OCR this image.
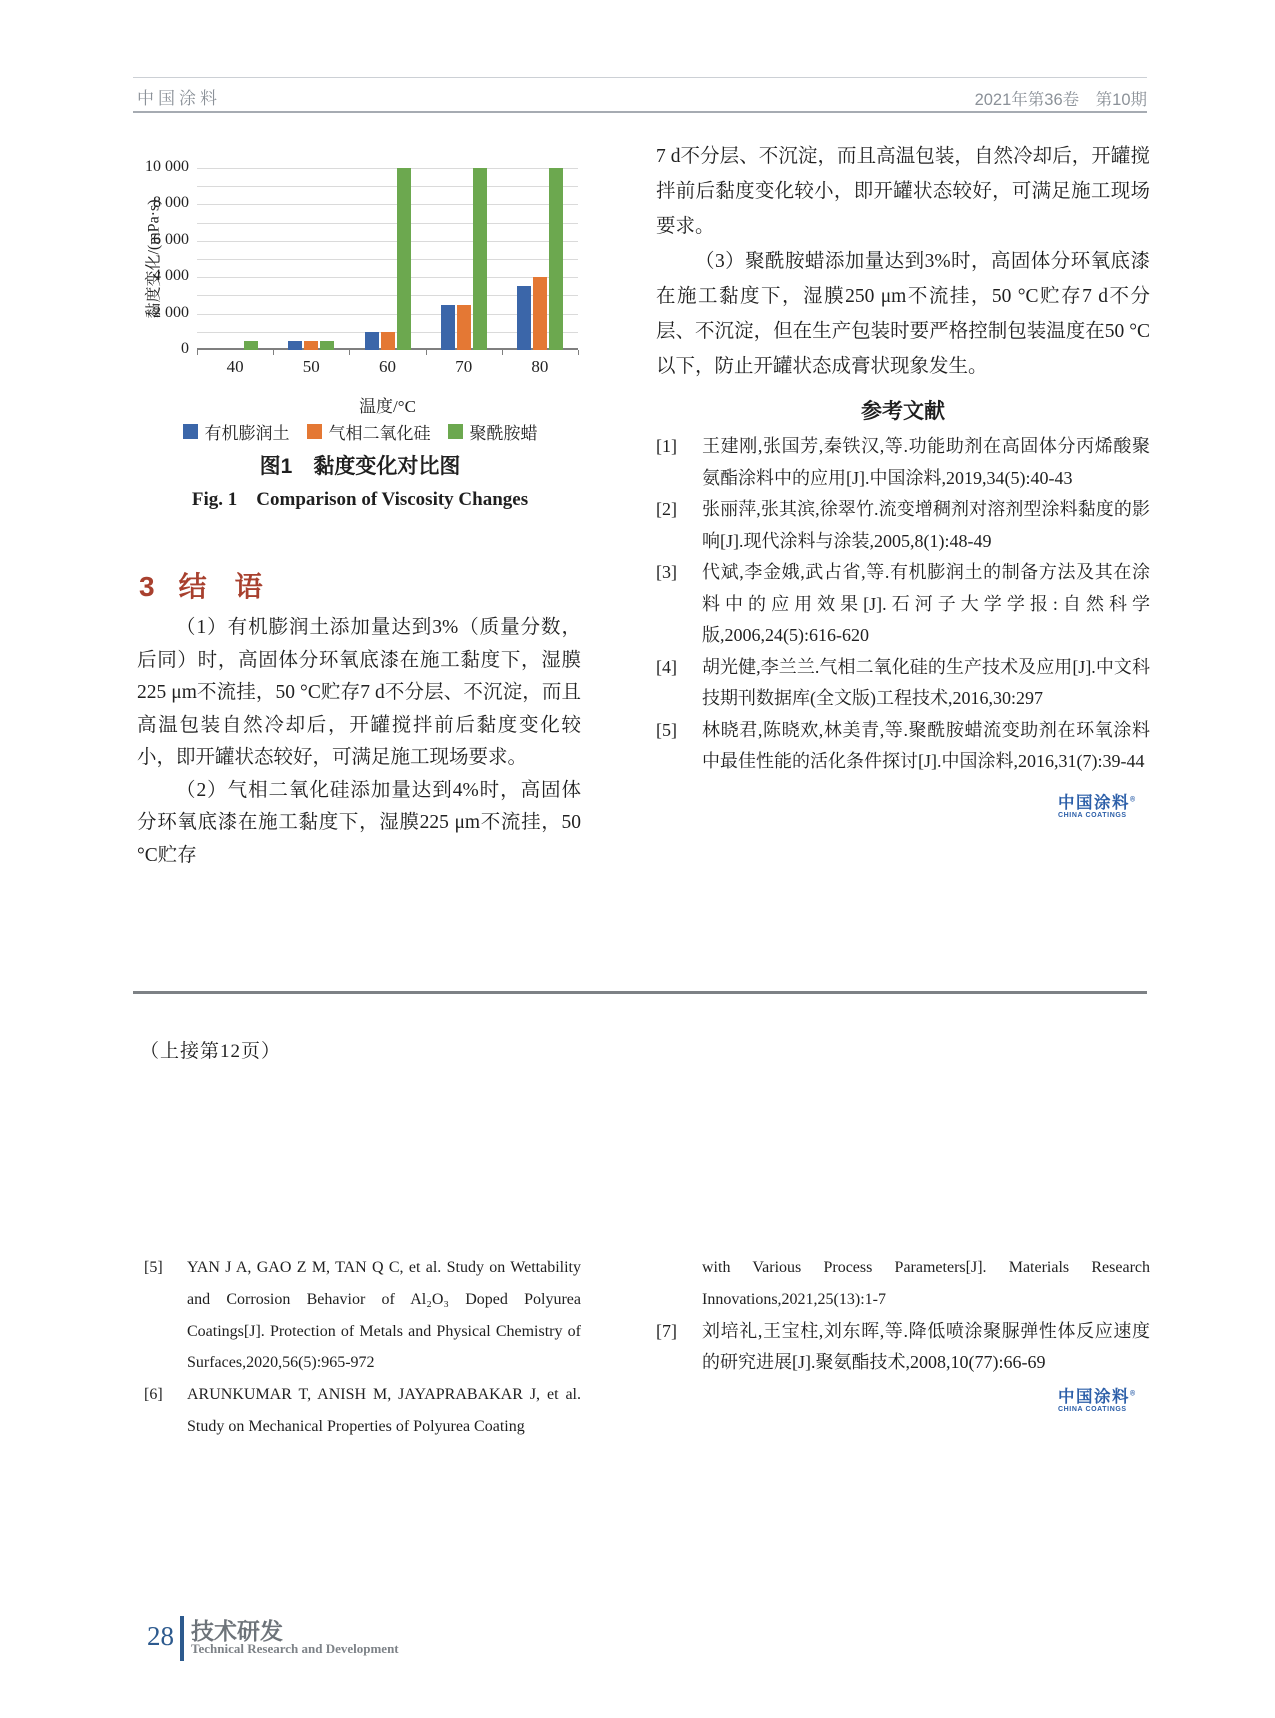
中国涂料	2021年第36卷　第10期
黏度变化/(mPa·s)
40	50	60	70	80
温度/°C
有机膨润土 气相二氧化硅 聚酰胺蜡
0
2 000
4 000
6 000
8 000
10 000
图1　黏度变化对比图
Fig. 1　Comparison of Viscosity Changes
3 结　语

（1）有机膨润土添加量达到3%（质量分数，后同）时，高固体分环氧底漆在施工黏度下，湿膜225 μm不流挂，50 °C贮存7 d不分层、不沉淀，而且高温包装自然冷却后，开罐搅拌前后黏度变化较小，即开罐状态较好，可满足施工现场要求。

（2）气相二氧化硅添加量达到4%时，高固体分环氧底漆在施工黏度下，湿膜225 μm不流挂，50 °C贮存

7 d不分层、不沉淀，而且高温包装，自然冷却后，开罐搅拌前后黏度变化较小，即开罐状态较好，可满足施工现场要求。

（3）聚酰胺蜡添加量达到3%时，高固体分环氧底漆在施工黏度下，湿膜250 μm不流挂，50 °C贮存7 d不分层、不沉淀，但在生产包装时要严格控制包装温度在50 °C以下，防止开罐状态成膏状现象发生。

参考文献
[1]	王建刚,张国芳,秦铁汉,等.功能助剂在高固体分丙烯酸聚氨酯涂料中的应用[J].中国涂料,2019,34(5):40-43
[2]	张丽萍,张其滨,徐翠竹.流变增稠剂对溶剂型涂料黏度的影响[J].现代涂料与涂装,2005,8(1):48-49
[3]	代斌,李金娥,武占省,等.有机膨润土的制备方法及其在涂料中的应用效果[J].石河子大学学报:自然科学版,2006,24(5):616-620
[4]	胡光健,李兰兰.气相二氧化硅的生产技术及应用[J].中文科技期刊数据库(全文版)工程技术,2016,30:297
[5]	林晓君,陈晓欢,林美青,等.聚酰胺蜡流变助剂在环氧涂料中最佳性能的活化条件探讨[J].中国涂料,2016,31(7):39-44
中国涂料®
CHINA COATINGS
（上接第12页）
[5]	YAN J A, GAO Z M, TAN Q C, et al. Study on Wettability and Corrosion Behavior of Al₂O₃ Doped Polyurea Coatings[J]. Protection of Metals and Physical Chemistry of Surfaces,2020,56(5):965-972
[6]	ARUNKUMAR T, ANISH M, JAYAPRABAKAR J, et al. Study on Mechanical Properties of Polyurea Coating
with Various Process Parameters[J]. Materials Research Innovations,2021,25(13):1-7
[7]	刘培礼,王宝柱,刘东晖,等.降低喷涂聚脲弹性体反应速度的研究进展[J].聚氨酯技术,2008,10(77):66-69
中国涂料®
CHINA COATINGS
28 技术研发
Technical Research and Development
